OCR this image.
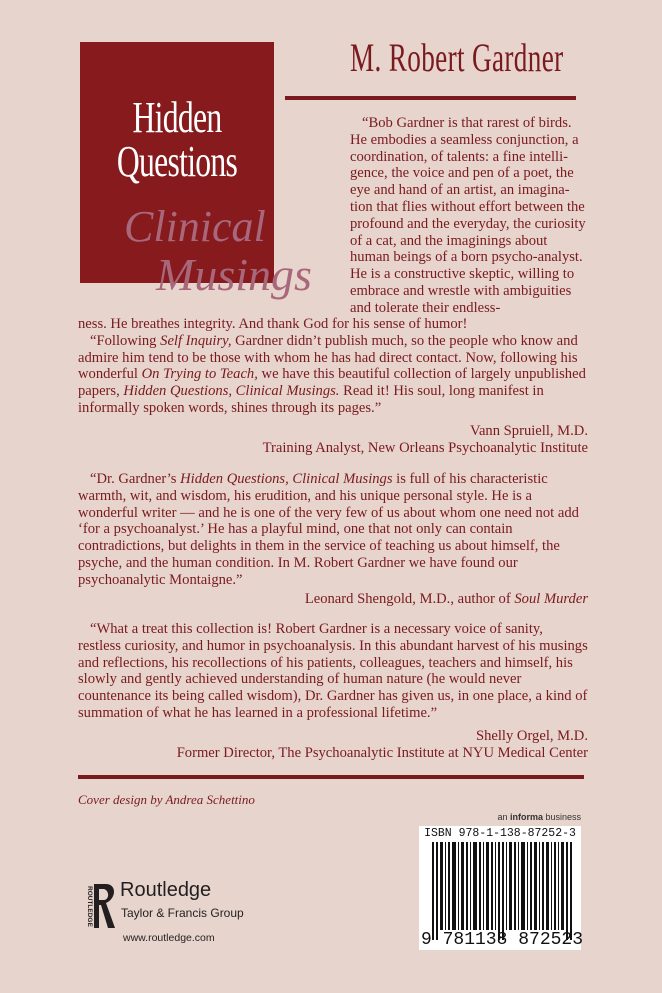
Hidden
Questions
Clinical
Musings
M. Robert Gardner

“Bob Gardner is that rarest of birds. He embodies a seamless conjunction, a coordination, of talents: a fine intelli-gence, the voice and pen of a poet, the eye and hand of an artist, an imagina-tion that flies without effort between the profound and the everyday, the curiosity of a cat, and the imaginings about human beings of a born psycho-analyst. He is a constructive skeptic, willing to embrace and wrestle with ambiguities and tolerate their endless-

ness. He breathes integrity. And thank God for his sense of humor!

“Following Self Inquiry, Gardner didn’t publish much, so the people who know and admire him tend to be those with whom he has had direct contact. Now, following his wonderful On Trying to Teach, we have this beautiful collection of largely unpublished papers, Hidden Questions, Clinical Musings. Read it! His soul, long manifest in informally spoken words, shines through its pages.”

Vann Spruiell, M.D.

Training Analyst, New Orleans Psychoanalytic Institute

“Dr. Gardner’s Hidden Questions, Clinical Musings is full of his characteristic warmth, wit, and wisdom, his erudition, and his unique personal style. He is a wonderful writer — and he is one of the very few of us about whom one need not add ‘for a psychoanalyst.’ He has a playful mind, one that not only can contain contradictions, but delights in them in the service of teaching us about himself, the psyche, and the human condition. In M. Robert Gardner we have found our psychoanalytic Montaigne.”

Leonard Shengold, M.D., author of Soul Murder

“What a treat this collection is! Robert Gardner is a necessary voice of sanity, restless curiosity, and humor in psychoanalysis. In this abundant harvest of his musings and reflections, his recollections of his patients, colleagues, teachers and himself, his slowly and gently achieved understanding of human nature (he would never countenance its being called wisdom), Dr. Gardner has given us, in one place, a kind of summation of what he has learned in a professional lifetime.”

Shelly Orgel, M.D.

Former Director, The Psychoanalytic Institute at NYU Medical Center

Cover design by Andrea Schettino
an informa business
ISBN 978-1-138-87252-3
9 781138 872523
ROUTLEDGE Routledge
Taylor & Francis Group
www.routledge.com
